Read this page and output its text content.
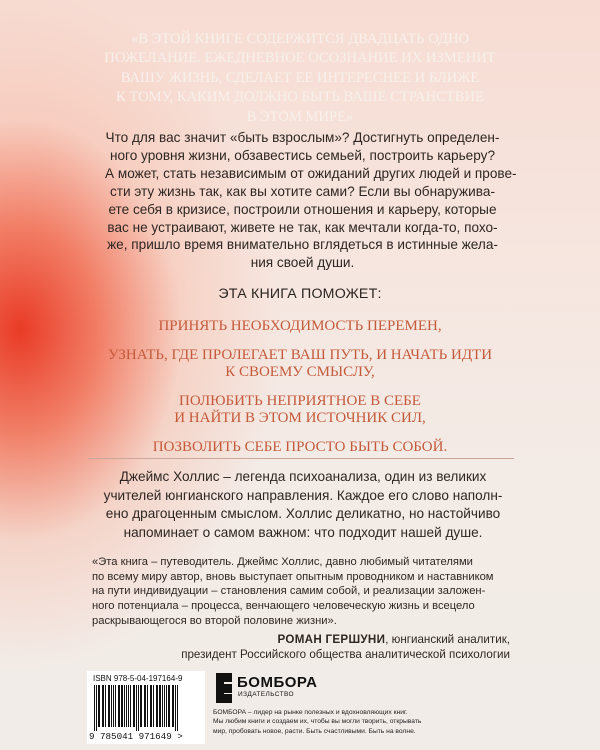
«В ЭТОЙ КНИГЕ СОДЕРЖИТСЯ ДВАДЦАТЬ ОДНО
ПОЖЕЛАНИЕ. ЕЖЕДНЕВНОЕ ОСОЗНАНИЕ ИХ ИЗМЕНИТ
ВАШУ ЖИЗНЬ, СДЕЛАЕТ ЕЕ ИНТЕРЕСНЕЕ И БЛИЖЕ
К ТОМУ, КАКИМ ДОЛЖНО БЫТЬ ВАШЕ СТРАНСТВИЕ
В ЭТОМ МИРЕ»
Что для вас значит «быть взрослым»? Достигнуть определен-
ного уровня жизни, обзавестись семьей, построить карьеру?
А может, стать независимым от ожиданий других людей и прове-
сти эту жизнь так, как вы хотите сами? Если вы обнаруживa-
ете себя в кризисе, построили отношения и карьеру, которые
вас не устраивают, живете не так, как мечтали когда-то, похо-
же, пришло время внимательно вглядеться в истинные жела-
ния своей души.
ЭТА КНИГА ПОМОЖЕТ:
ПРИНЯТЬ НЕОБХОДИМОСТЬ ПЕРЕМЕН,
УЗНАТЬ, ГДЕ ПРОЛЕГАЕТ ВАШ ПУТЬ, И НАЧАТЬ ИДТИ
К СВОЕМУ СМЫСЛУ,
ПОЛЮБИТЬ НЕПРИЯТНОЕ В СЕБЕ
И НАЙТИ В ЭТОМ ИСТОЧНИК СИЛ,
ПОЗВОЛИТЬ СЕБЕ ПРОСТО БЫТЬ СОБОЙ.
Джеймс Холлис – легенда психоанализа, один из великих
учителей юнгианского направления. Каждое его слово наполн-
ено драгоценным смыслом. Холлис деликатно, но настойчиво
напоминает о самом важном: что подходит нашей душе.
«Эта книга – путеводитель. Джеймс Холлис, давно любимый читателями
по всему миру автор, вновь выступает опытным проводником и наставником
на пути индивидуации – становления самим собой, и реализации заложен-
ного потенциала – процесса, венчающего человеческую жизнь и всецело
раскрывающегося во второй половине жизни».
РОМАН ГЕРШУНИ, юнгианский аналитик,
президент Российского общества аналитической психологии
ISBN 978-5-04-197164-9
9 785041 971649 >
БОМБОРА
ИЗДАТЕЛЬСТВО
БОМБОРА – лидер на рынке полезных и вдохновляющих книг.
Мы любим книги и создаем их, чтобы вы могли творить, открывать
мир, пробовать новое, расти. Быть счастливыми. Быть на волне.
